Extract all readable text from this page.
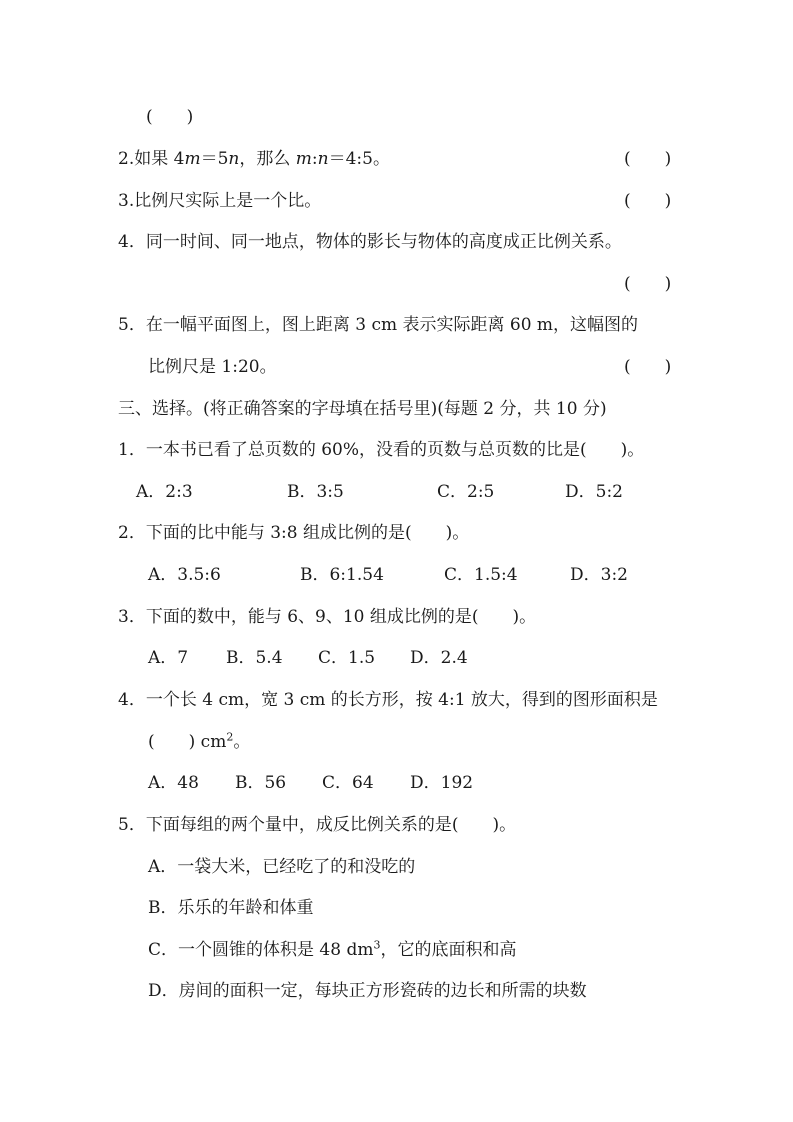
(　　)
2.如果 4m＝5n，那么 m:n＝4:5。	(　　)
3.比例尺实际上是一个比。	(　　)
4．同一时间、同一地点，物体的影长与物体的高度成正比例关系。
(　　)
5．在一幅平面图上，图上距离 3 cm 表示实际距离 60 m，这幅图的
比例尺是 1:20。	(　　)
三、选择。(将正确答案的字母填在括号里)(每题 2 分，共 10 分)
1．一本书已看了总页数的 60%，没看的页数与总页数的比是(　　)。
A．2:3	B．3:5	C．2:5	D．5:2
2．下面的比中能与 3:8 组成比例的是(　　)。
A．3.5:6	B．6:1.54	C．1.5:4	D．3:2
3．下面的数中，能与 6、9、10 组成比例的是(　　)。
A．7 B．5.4 C．1.5 D．2.4
4．一个长 4 cm，宽 3 cm 的长方形，按 4:1 放大，得到的图形面积是
(　　) $cm^2$。
A．48 B．56 C．64 D．192
5．下面每组的两个量中，成反比例关系的是(　　)。
A．一袋大米，已经吃了的和没吃的
B．乐乐的年龄和体重
C．一个圆锥的体积是 48 $dm^3$，它的底面积和高
D．房间的面积一定，每块正方形瓷砖的边长和所需的块数
